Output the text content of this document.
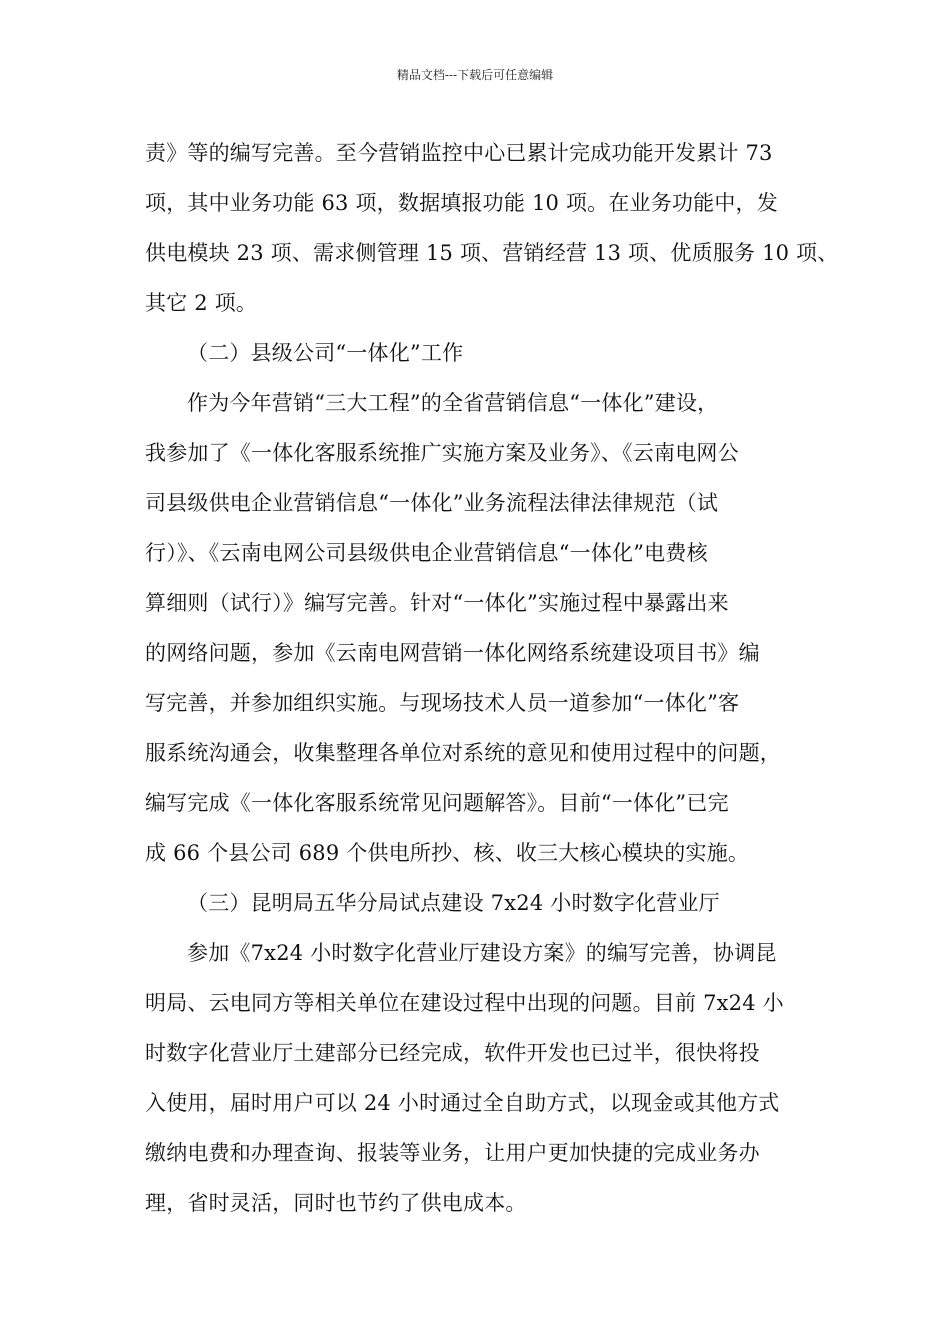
精品文档---下载后可任意编辑
责》等的编写完善。至今营销监控中心已累计完成功能开发累计 73
项，其中业务功能 63 项，数据填报功能 10 项。在业务功能中，发
供电模块 23 项、需求侧管理 15 项、营销经营 13 项、优质服务 10 项、
其它 2 项。
（二）县级公司“一体化”工作
作为今年营销“三大工程”的全省营销信息“一体化”建设，
我参加了《一体化客服系统推广实施方案及业务》、《云南电网公
司县级供电企业营销信息“一体化”业务流程法律法律规范（试
行）》、《云南电网公司县级供电企业营销信息“一体化”电费核
算细则（试行）》编写完善。针对“一体化”实施过程中暴露出来
的网络问题，参加《云南电网营销一体化网络系统建设项目书》编
写完善，并参加组织实施。与现场技术人员一道参加“一体化”客
服系统沟通会，收集整理各单位对系统的意见和使用过程中的问题，
编写完成《一体化客服系统常见问题解答》。目前“一体化”已完
成 66 个县公司 689 个供电所抄、核、收三大核心模块的实施。
（三）昆明局五华分局试点建设 7x24 小时数字化营业厅
参加《7x24 小时数字化营业厅建设方案》的编写完善，协调昆
明局、云电同方等相关单位在建设过程中出现的问题。目前 7x24 小
时数字化营业厅土建部分已经完成，软件开发也已过半，很快将投
入使用，届时用户可以 24 小时通过全自助方式，以现金或其他方式
缴纳电费和办理查询、报装等业务，让用户更加快捷的完成业务办
理，省时灵活，同时也节约了供电成本。
